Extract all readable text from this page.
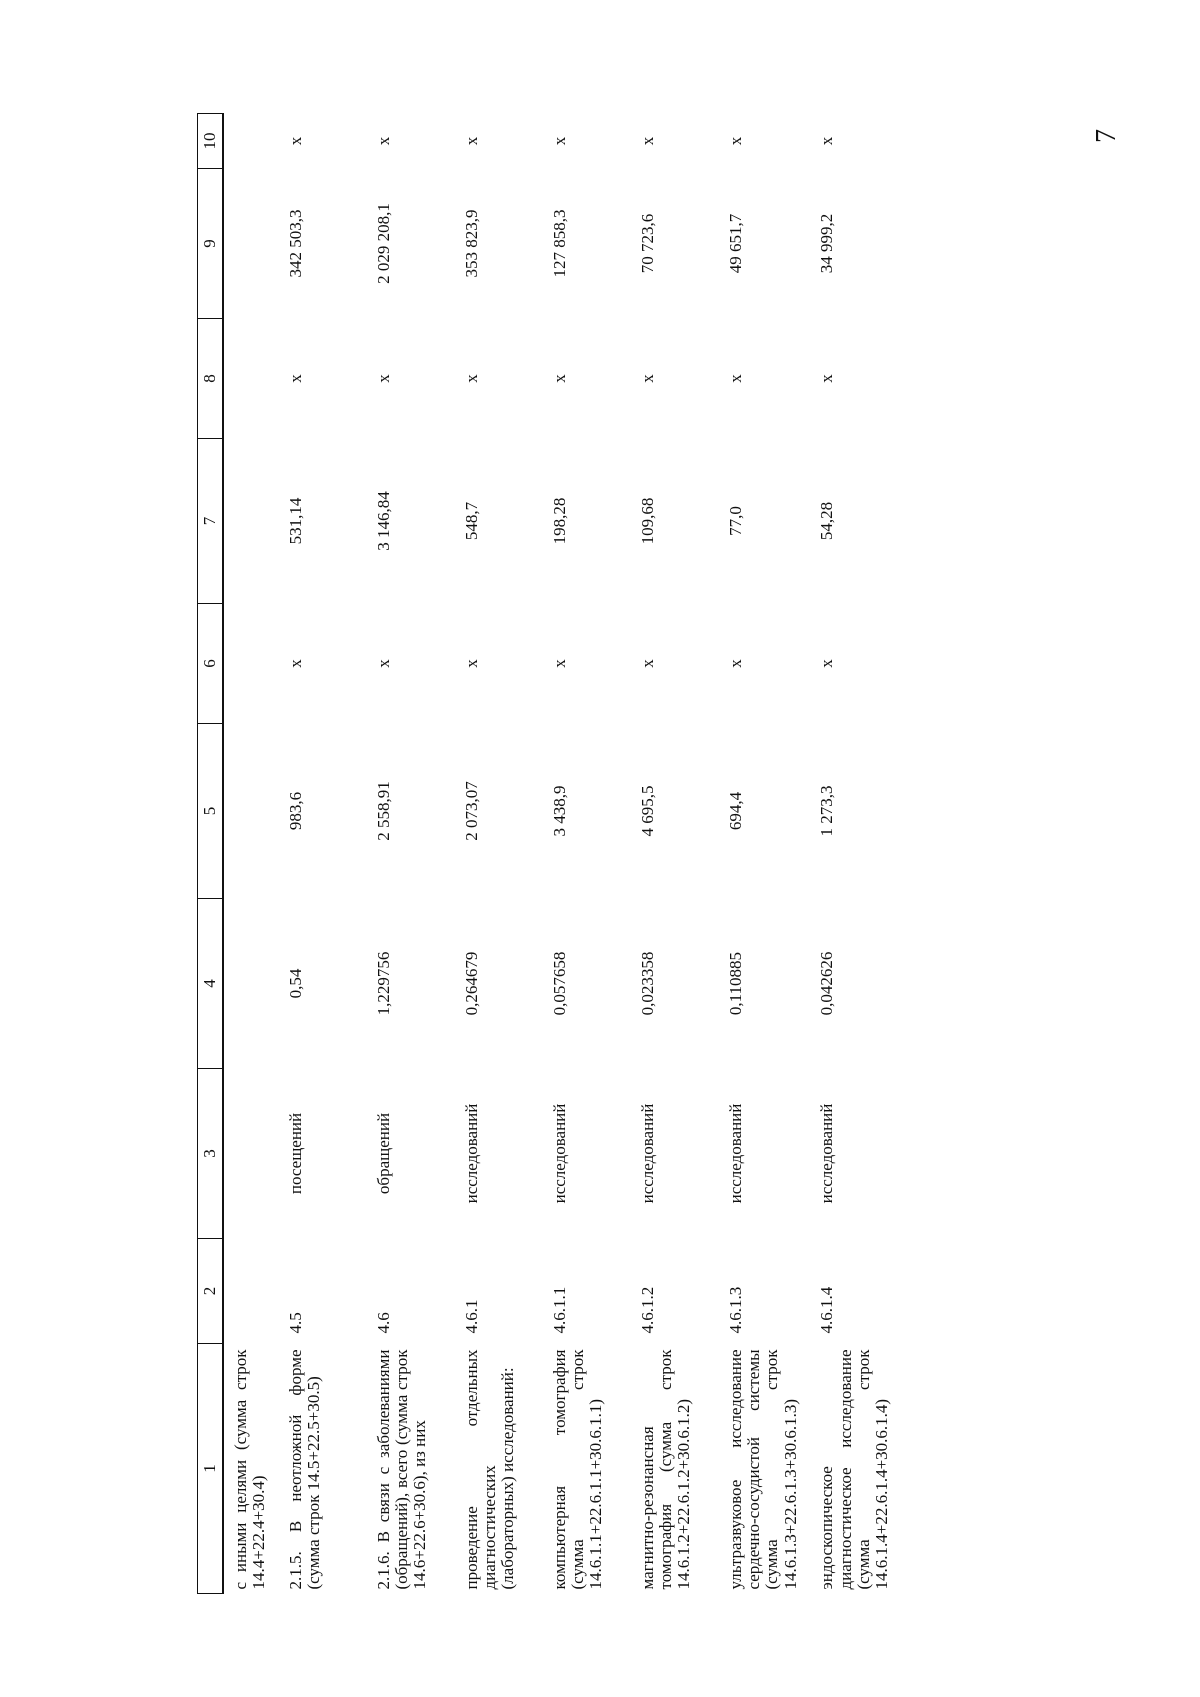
7
1	2	3	4	5	6	7	8	9	10
с иными целями (сумма строк 14.4+22.4+30.4)									
2.1.5. В неотложной форме (сумма строк 14.5+22.5+30.5)	4.5	посещений	0,54	983,6	х	531,14	х	342 503,3	х
2.1.6. В связи с заболеваниями (обращений), всего (сумма строк 14.6+22.6+30.6), из них	4.6	обращений	1,229756	2 558,91	х	3 146,84	х	2 029 208,1	х
проведение отдельных диагностических (лабораторных) исследований:	4.6.1	исследований	0,264679	2 073,07	х	548,7	х	353 823,9	х
компьютерная томография (сумма строк 14.6.1.1+22.6.1.1+30.6.1.1)	4.6.1.1	исследований	0,057658	3 438,9	х	198,28	х	127 858,3	х
магнитно-резонансная томография (сумма строк 14.6.1.2+22.6.1.2+30.6.1.2)	4.6.1.2	исследований	0,023358	4 695,5	х	109,68	х	70 723,6	х
ультразвуковое исследование сердечно-сосудистой системы (сумма строк 14.6.1.3+22.6.1.3+30.6.1.3)	4.6.1.3	исследований	0,110885	694,4	х	77,0	х	49 651,7	х
эндоскопическое диагностическое исследование (сумма строк 14.6.1.4+22.6.1.4+30.6.1.4)	4.6.1.4	исследований	0,042626	1 273,3	х	54,28	х	34 999,2	х
